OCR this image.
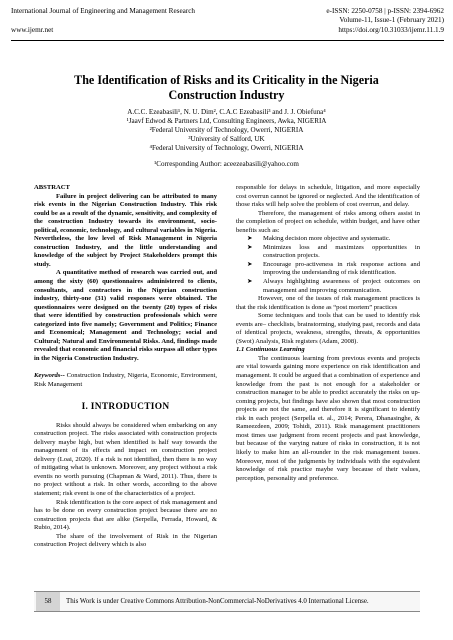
International Journal of Engineering and Management Research	e-ISSN: 2250-0758 | p-ISSN: 2394-6962
Volume-11, Issue-1 (February 2021)
https://doi.org/10.31033/ijemr.11.1.9
www.ijemr.net
The Identification of Risks and its Criticality in the Nigeria Construction Industry
A.C.C. Ezeabasili¹, N. U. Dim², C.A.C Ezeabasili³ and J. J. Obiefuna⁴
¹Jaavf Edwod & Partners Ltd, Consulting Engineers, Awka, NIGERIA
²Federal University of Technology, Owerri, NIGERIA
³University of Salford, UK
⁴Federal University of Technology, Owerri, NIGERIA
¹Corresponding Author: aceezeabasili@yahoo.com

ABSTRACT

Failure in project delivering can be attributed to many risk events in the Nigerian Construction Industry. This risk could be as a result of the dynamic, sensitivity, and complexity of the construction Industry towards its environment, socio-political, economic, technology, and cultural variables in Nigeria. Nevertheless, the low level of Risk Management in Nigeria construction Industry, and the little understanding and knowledge of the subject by Project Stakeholders prompt this study.

A quantitative method of research was carried out, and among the sixty (60) questionnaires administered to clients, consultants, and contractors in the Nigerian construction industry, thirty-one (31) valid responses were obtained. The questionnaires were designed on the twenty (20) types of risks that were identified by construction professionals which were categorized into five namely; Government and Politics; Finance and Economical; Management and Technology; social and Cultural; Natural and Environmental Risks. And, findings made revealed that economic and financial risks surpass all other types in the Nigeria Construction Industry.

Keywords-- Construction Industry, Nigeria, Economic, Environment, Risk Management

I. INTRODUCTION

Risks should always be considered when embarking on any construction project. The risks associated with construction projects delivery maybe high, but when identified is half way towards the management of its effects and impact on construction project delivery (Loai, 2020). If a risk is not identified, then there is no way of mitigating what is unknown. Moreover, any project without a risk eventis no worth pursuing (Chapman & Ward, 2011). Thus, there is no project without a risk. In other words, according to the above statement; risk event is one of the characteristics of a project.

Risk identification is the core aspect of risk management and has to be done on every construction project because there are no construction projects that are alike (Serpella, Ferrada, Howard, & Rubio, 2014).

The share of the involvement of Risk in the Nigerian construction Project delivery which is also

responsible for delays in schedule, litigation, and more especially cost overrun cannot be ignored or neglected. And the identification of those risks will help solve the problem of cost overrun, and delay.

Therefore, the management of risks among others assist in the completion of project on schedule, within budget, and have other benefits such as:

➤ Making decision more objective and systematic.
➤ Minimizes loss and maximizes opportunities in construction projects.
➤ Encourage pro-activeness in risk response actions and improving the understanding of risk identification.
➤ Always highlighting awareness of project outcomes on management and improving communication.

However, one of the issues of risk management practices is that the risk identification is done as “post mortem” practices

Some techniques and tools that can be used to identify risk events are– checklists, brainstorming, studying past, records and data of identical projects, weakness, strengths, threats, & opportunities (Swot) Analysis, Risk registers (Adam, 2008).

1.1 Continuous Learning

The continuous learning from previous events and projects are vital towards gaining more experience on risk identification and management. It could be argued that a combination of experience and knowledge from the past is not enough for a stakeholder or construction manager to be able to predict accurately the risks on up-coming projects, but findings have also shown that most construction projects are not the same, and therefore it is significant to identify risk in each project (Serpella et. al., 2014; Perera, Dhanasinghe, & Rameezdeen, 2009; Tohidi, 2011). Risk management practitioners most times use judgment from recent projects and past knowledge, but because of the varying nature of risks in construction, it is not likely to make him an all-rounder in the risk management issues. Moreover, most of the judgments by individuals with the equivalent knowledge of risk practice maybe vary because of their values, perception, personality and preference.

58	This Work is under Creative Commons Attribution-NonCommercial-NoDerivatives 4.0 International License.
